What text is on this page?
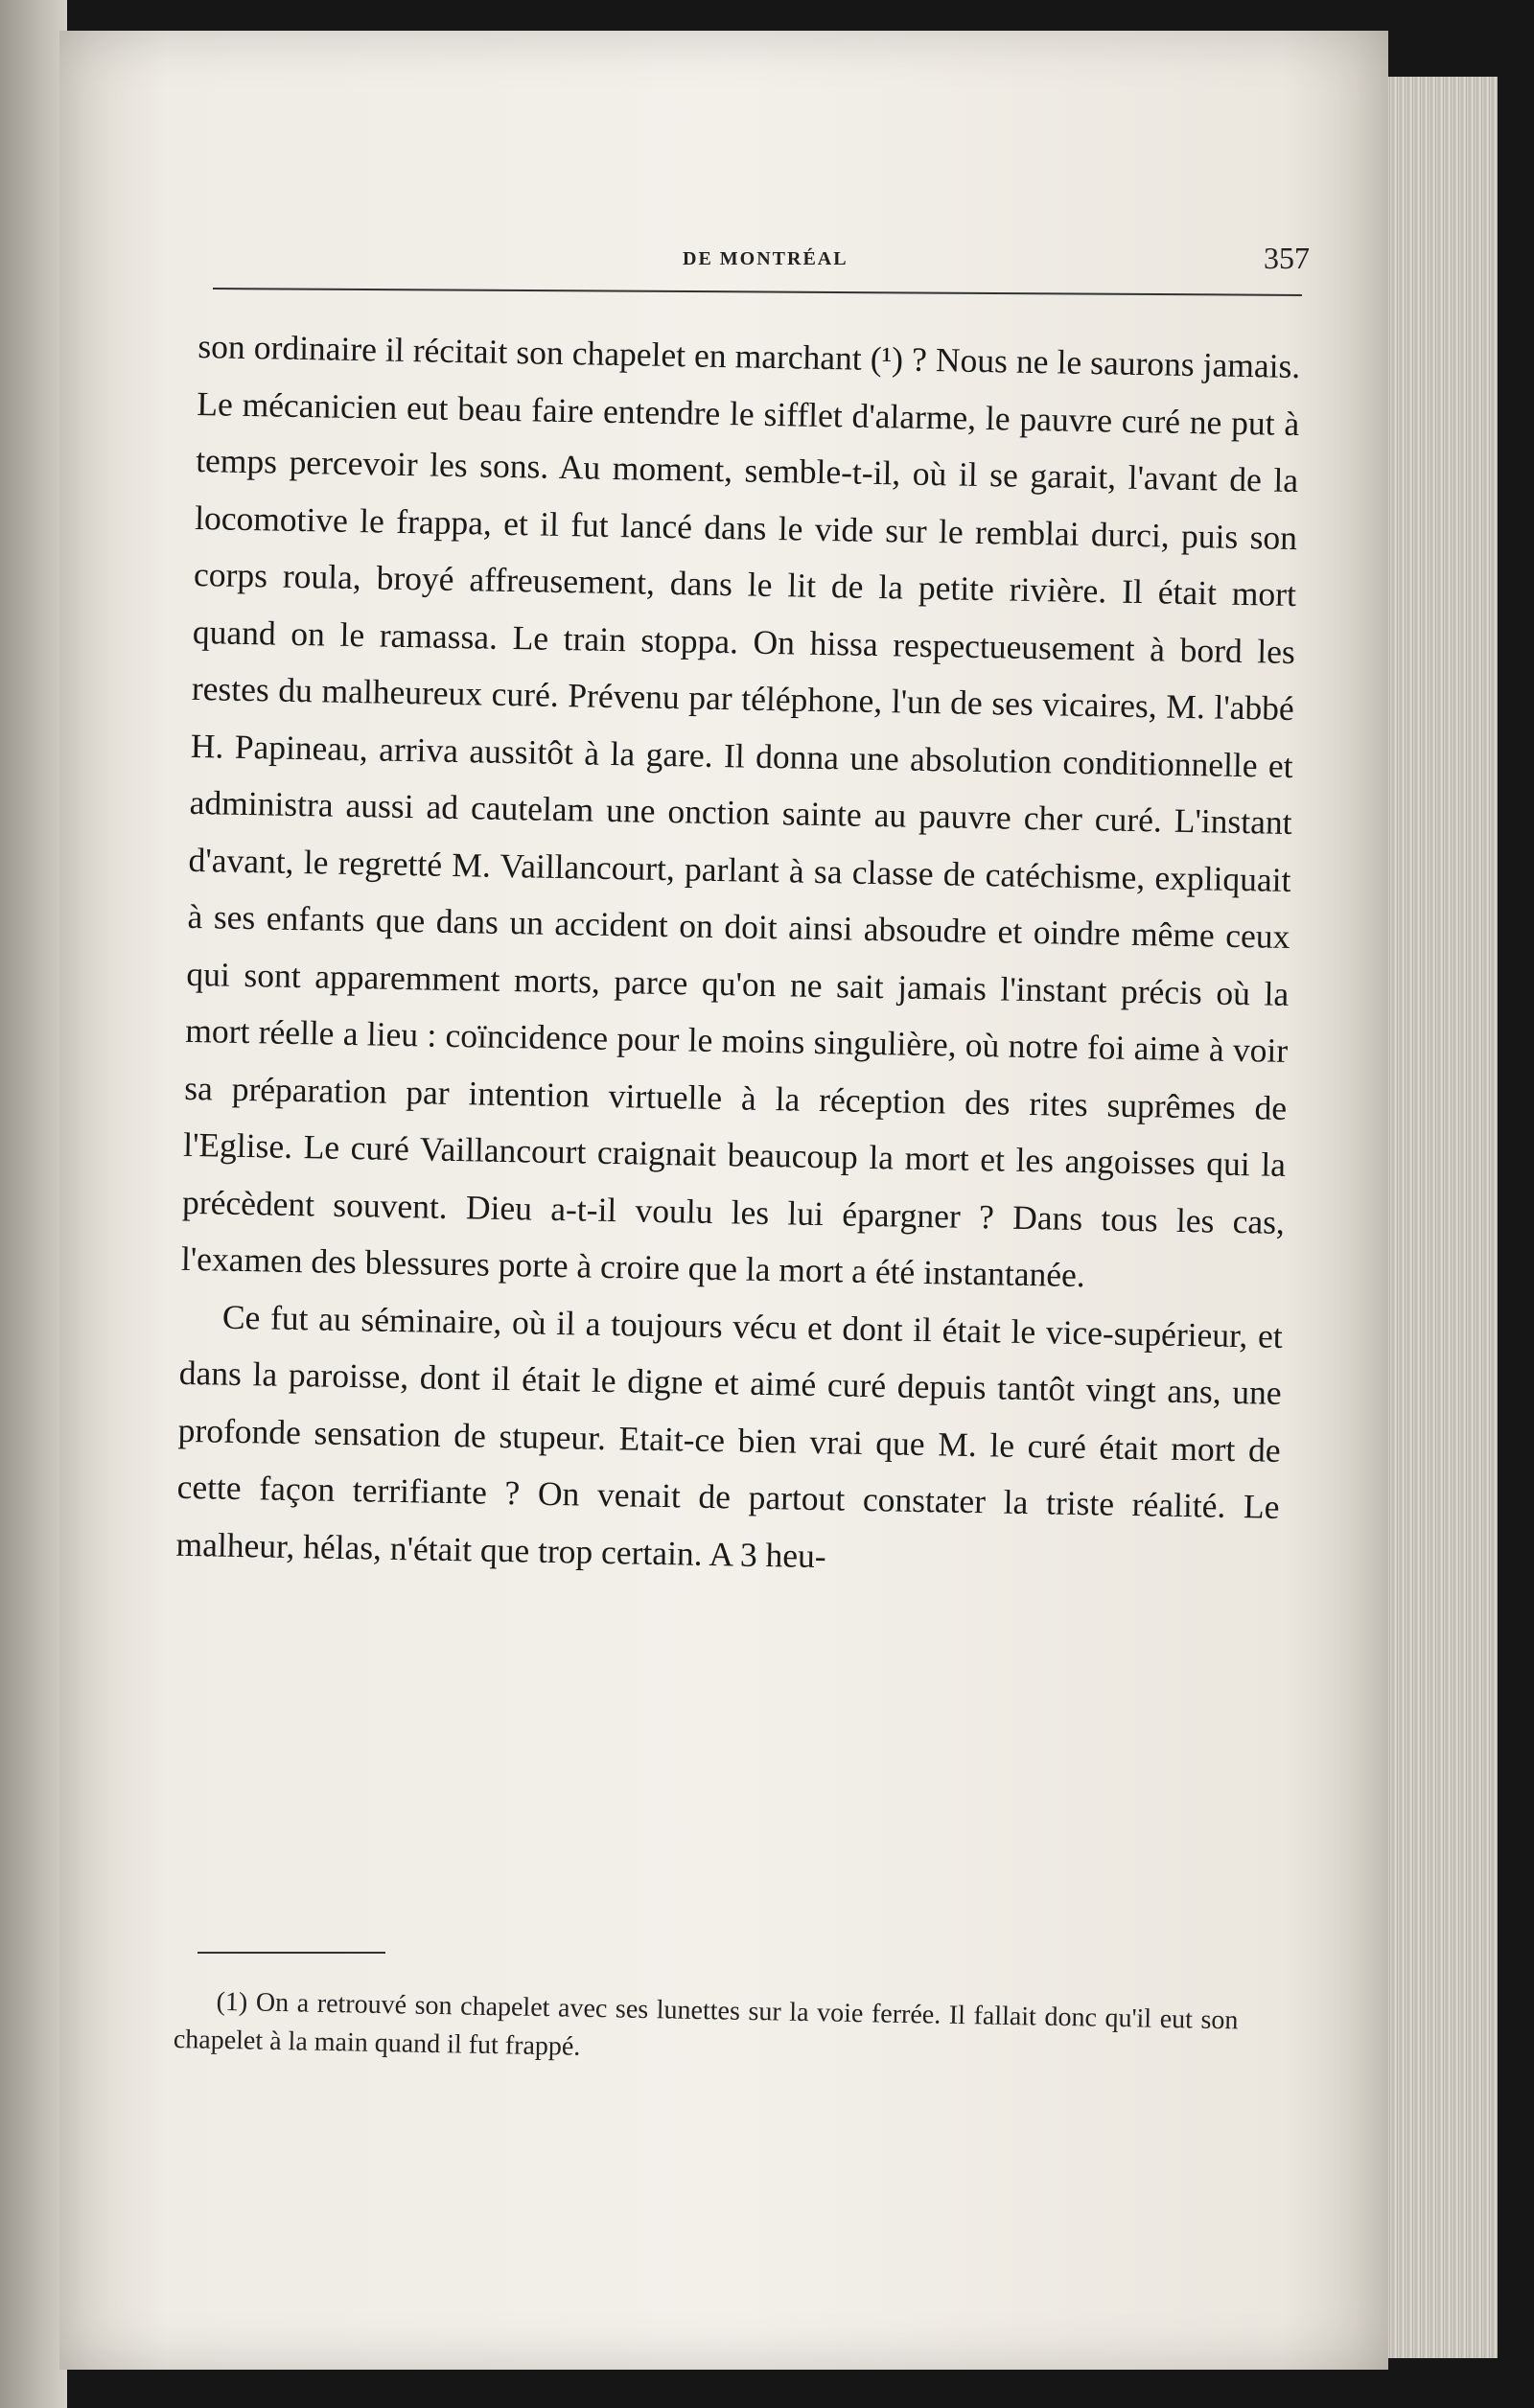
DE MONTRÉAL	357

son ordinaire il récitait son chapelet en marchant (¹) ? Nous ne le saurons jamais. Le mécanicien eut beau faire entendre le sifflet d'alarme, le pauvre curé ne put à temps percevoir les sons. Au moment, semble-t-il, où il se garait, l'avant de la locomotive le frappa, et il fut lancé dans le vide sur le remblai durci, puis son corps roula, broyé affreusement, dans le lit de la petite rivière. Il était mort quand on le ramassa. Le train stoppa. On hissa respectueusement à bord les restes du malheureux curé. Prévenu par téléphone, l'un de ses vicaires, M. l'abbé H. Papineau, arriva aussitôt à la gare. Il donna une absolution conditionnelle et administra aussi ad cautelam une onction sainte au pauvre cher curé. L'instant d'avant, le regretté M. Vaillancourt, parlant à sa classe de catéchisme, expliquait à ses enfants que dans un accident on doit ainsi absoudre et oindre même ceux qui sont apparemment morts, parce qu'on ne sait jamais l'instant précis où la mort réelle a lieu : coïncidence pour le moins singulière, où notre foi aime à voir sa préparation par intention virtuelle à la réception des rites suprêmes de l'Eglise. Le curé Vaillancourt craignait beaucoup la mort et les angoisses qui la précèdent souvent. Dieu a-t-il voulu les lui épargner ? Dans tous les cas, l'examen des blessures porte à croire que la mort a été instantanée.

Ce fut au séminaire, où il a toujours vécu et dont il était le vice-supérieur, et dans la paroisse, dont il était le digne et aimé curé depuis tantôt vingt ans, une profonde sensation de stupeur. Etait-ce bien vrai que M. le curé était mort de cette façon terrifiante ? On venait de partout constater la triste réalité. Le malheur, hélas, n'était que trop certain. A 3 heu-

(1) On a retrouvé son chapelet avec ses lunettes sur la voie ferrée. Il fallait donc qu'il eut son chapelet à la main quand il fut frappé.
